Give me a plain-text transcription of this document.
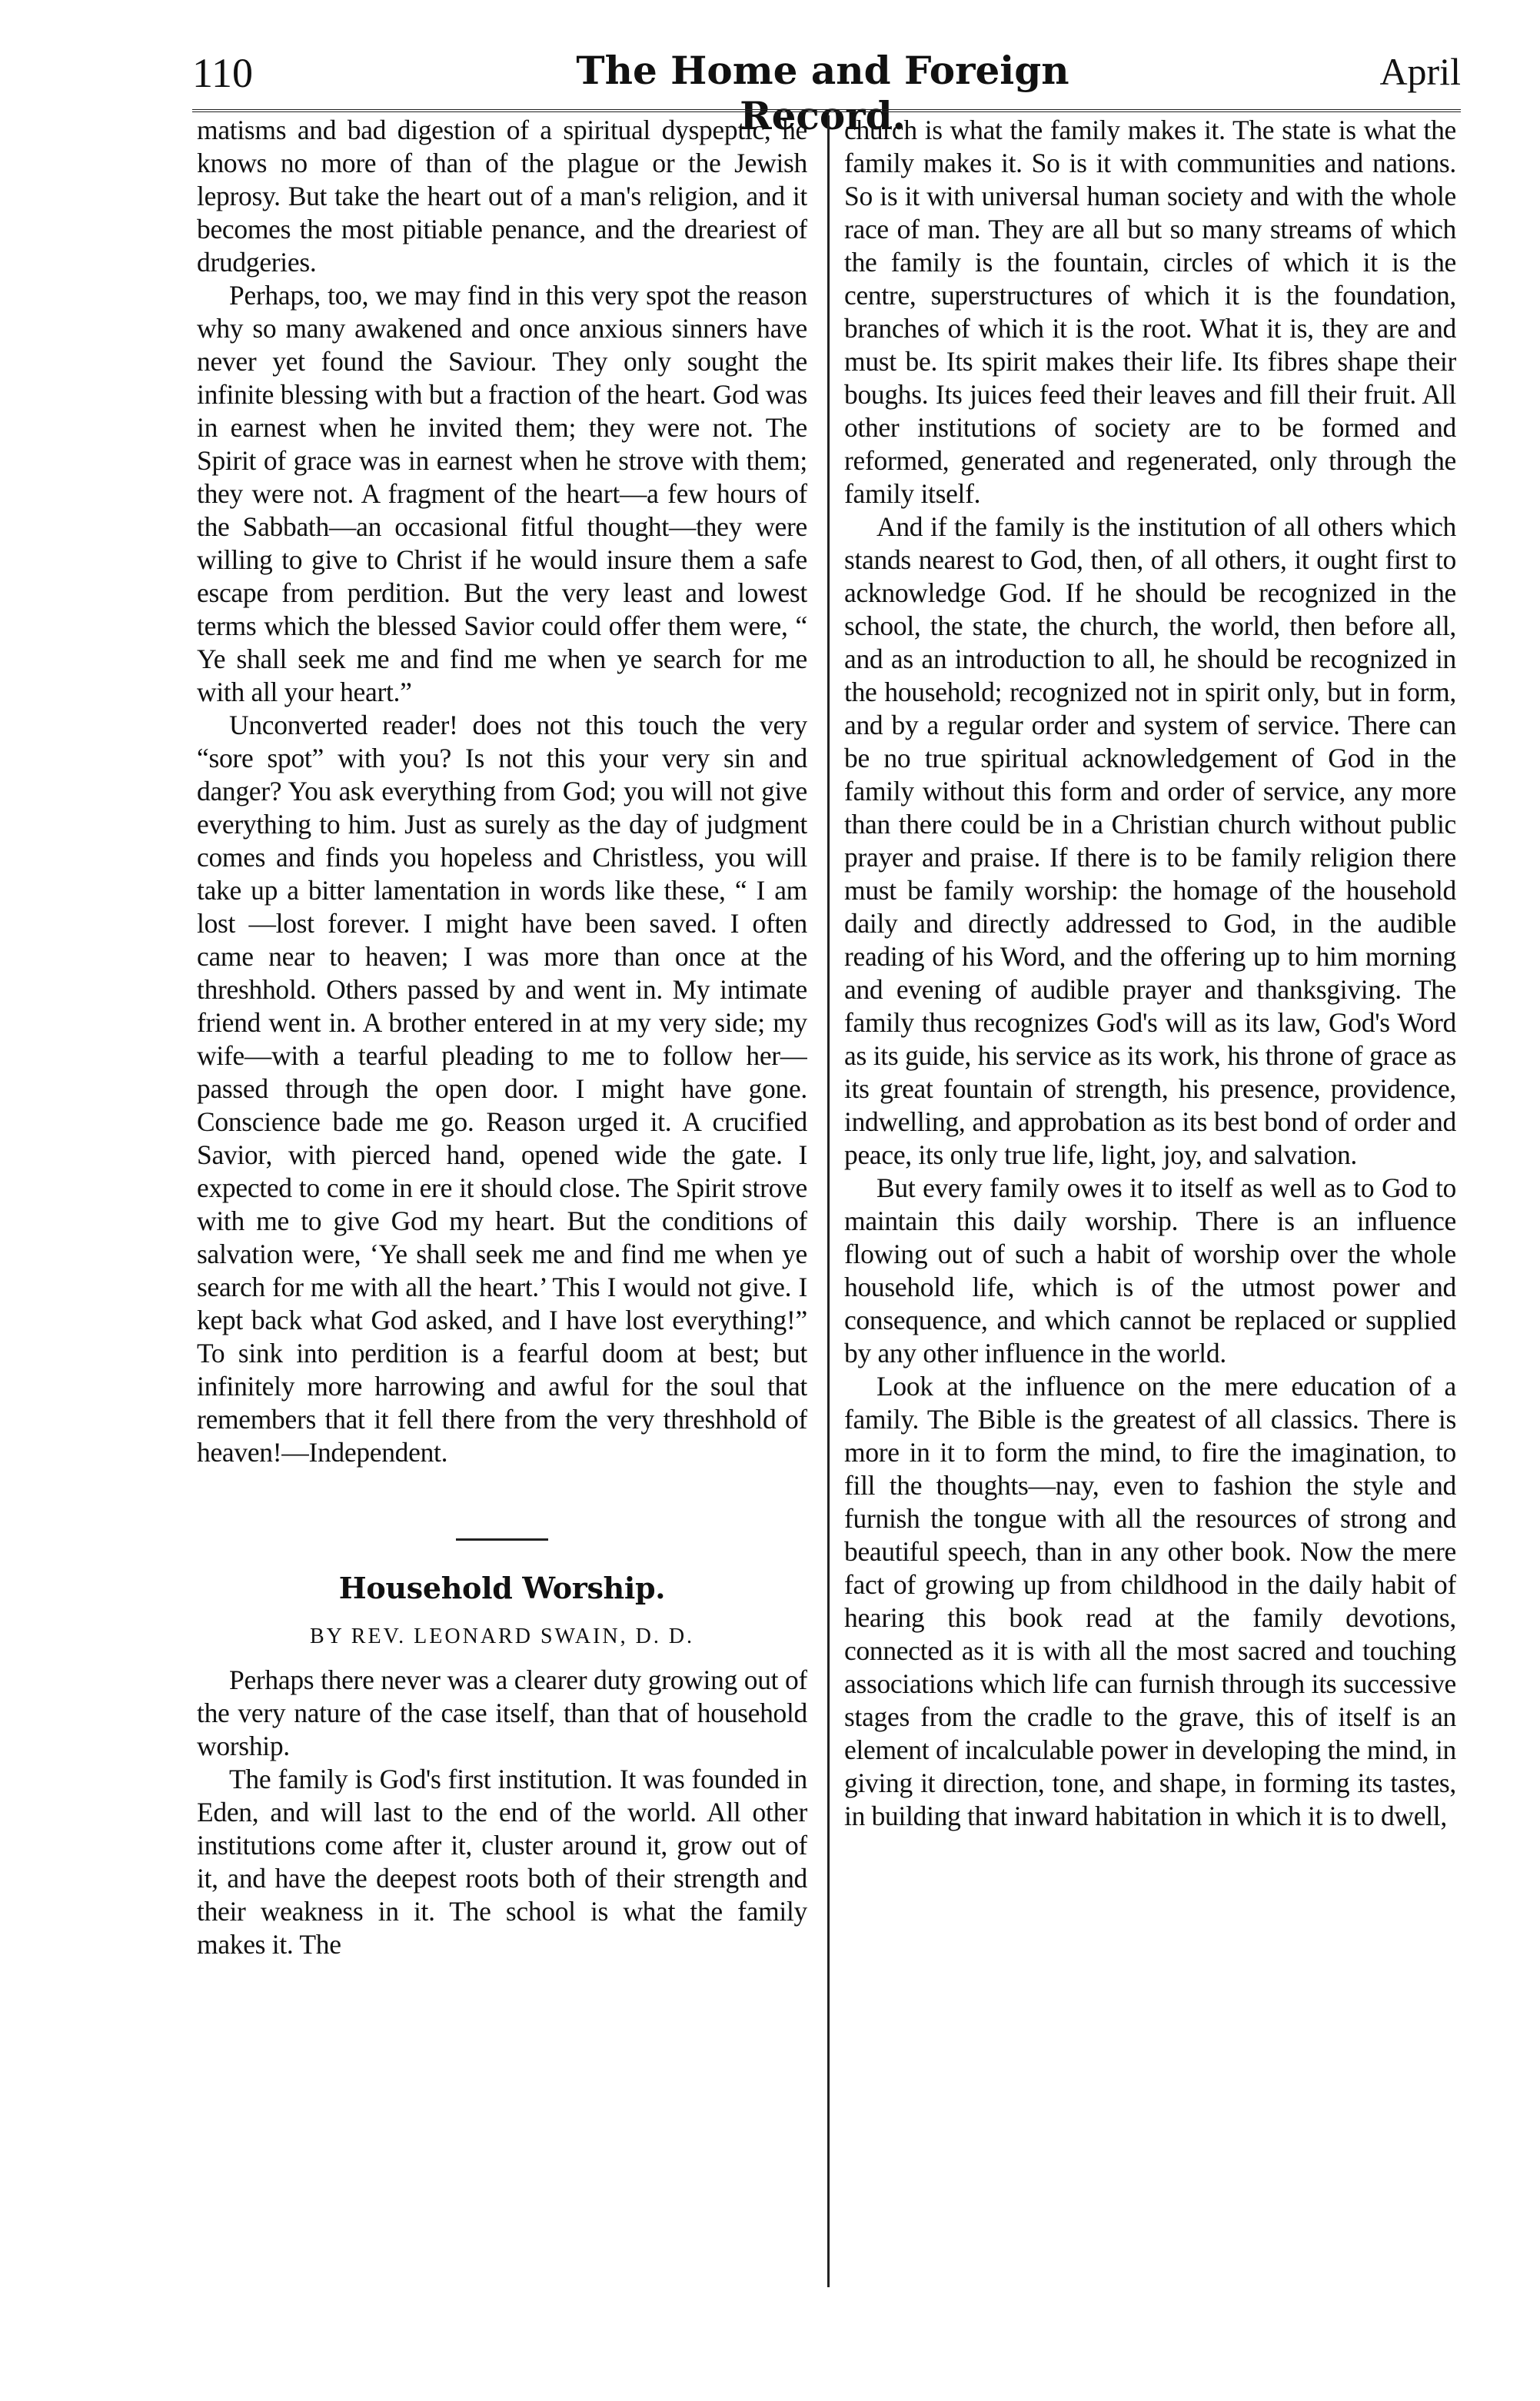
110	The Home and Foreign Record.
April

matisms and bad digestion of a spiritual dyspeptic, he knows no more of than of the plague or the Jewish leprosy. But take the heart out of a man's religion, and it becomes the most pitiable penance, and the dreariest of drudgeries.

Perhaps, too, we may find in this very spot the reason why so many awakened and once anxious sinners have never yet found the Saviour. They only sought the infinite blessing with but a fraction of the heart. God was in earnest when he invited them; they were not. The Spirit of grace was in earnest when he strove with them; they were not. A fragment of the heart—a few hours of the Sabbath—an occasional fitful thought—they were willing to give to Christ if he would insure them a safe escape from perdition. But the very least and lowest terms which the blessed Savior could offer them were, “ Ye shall seek me and find me when ye search for me with all your heart.”

Unconverted reader! does not this touch the very “sore spot” with you? Is not this your very sin and danger? You ask everything from God; you will not give everything to him. Just as surely as the day of judgment comes and finds you hopeless and Christless, you will take up a bitter lamentation in words like these, “ I am lost —lost forever. I might have been saved. I often came near to heaven; I was more than once at the threshhold. Others passed by and went in. My intimate friend went in. A brother entered in at my very side; my wife—with a tearful pleading to me to follow her—passed through the open door. I might have gone. Conscience bade me go. Reason urged it. A crucified Savior, with pierced hand, opened wide the gate. I expected to come in ere it should close. The Spirit strove with me to give God my heart. But the conditions of salvation were, ‘Ye shall seek me and find me when ye search for me with all the heart.’ This I would not give. I kept back what God asked, and I have lost everything!” To sink into perdition is a fearful doom at best; but infinitely more harrowing and awful for the soul that remembers that it fell there from the very threshhold of heaven!—Independent.

Household Worship.
BY REV. LEONARD SWAIN, D. D.

Perhaps there never was a clearer duty growing out of the very nature of the case itself, than that of household worship.

The family is God's first institution. It was founded in Eden, and will last to the end of the world. All other institutions come after it, cluster around it, grow out of it, and have the deepest roots both of their strength and their weakness in it. The school is what the family makes it. The

church is what the family makes it. The state is what the family makes it. So is it with communities and nations. So is it with universal human society and with the whole race of man. They are all but so many streams of which the family is the fountain, circles of which it is the centre, superstructures of which it is the foundation, branches of which it is the root. What it is, they are and must be. Its spirit makes their life. Its fibres shape their boughs. Its juices feed their leaves and fill their fruit. All other institutions of society are to be formed and reformed, generated and regenerated, only through the family itself.

And if the family is the institution of all others which stands nearest to God, then, of all others, it ought first to acknowledge God. If he should be recognized in the school, the state, the church, the world, then before all, and as an introduction to all, he should be recognized in the household; recognized not in spirit only, but in form, and by a regular order and system of service. There can be no true spiritual acknowledgement of God in the family without this form and order of service, any more than there could be in a Christian church without public prayer and praise. If there is to be family religion there must be family worship: the homage of the household daily and directly addressed to God, in the audible reading of his Word, and the offering up to him morning and evening of audible prayer and thanksgiving. The family thus recognizes God's will as its law, God's Word as its guide, his service as its work, his throne of grace as its great fountain of strength, his presence, providence, indwelling, and approbation as its best bond of order and peace, its only true life, light, joy, and salvation.

But every family owes it to itself as well as to God to maintain this daily worship. There is an influence flowing out of such a habit of worship over the whole household life, which is of the utmost power and consequence, and which cannot be replaced or supplied by any other influence in the world.

Look at the influence on the mere education of a family. The Bible is the greatest of all classics. There is more in it to form the mind, to fire the imagination, to fill the thoughts—nay, even to fashion the style and furnish the tongue with all the resources of strong and beautiful speech, than in any other book. Now the mere fact of growing up from childhood in the daily habit of hearing this book read at the family devotions, connected as it is with all the most sacred and touching associations which life can furnish through its successive stages from the cradle to the grave, this of itself is an element of incalculable power in developing the mind, in giving it direction, tone, and shape, in forming its tastes, in building that inward habitation in which it is to dwell,
